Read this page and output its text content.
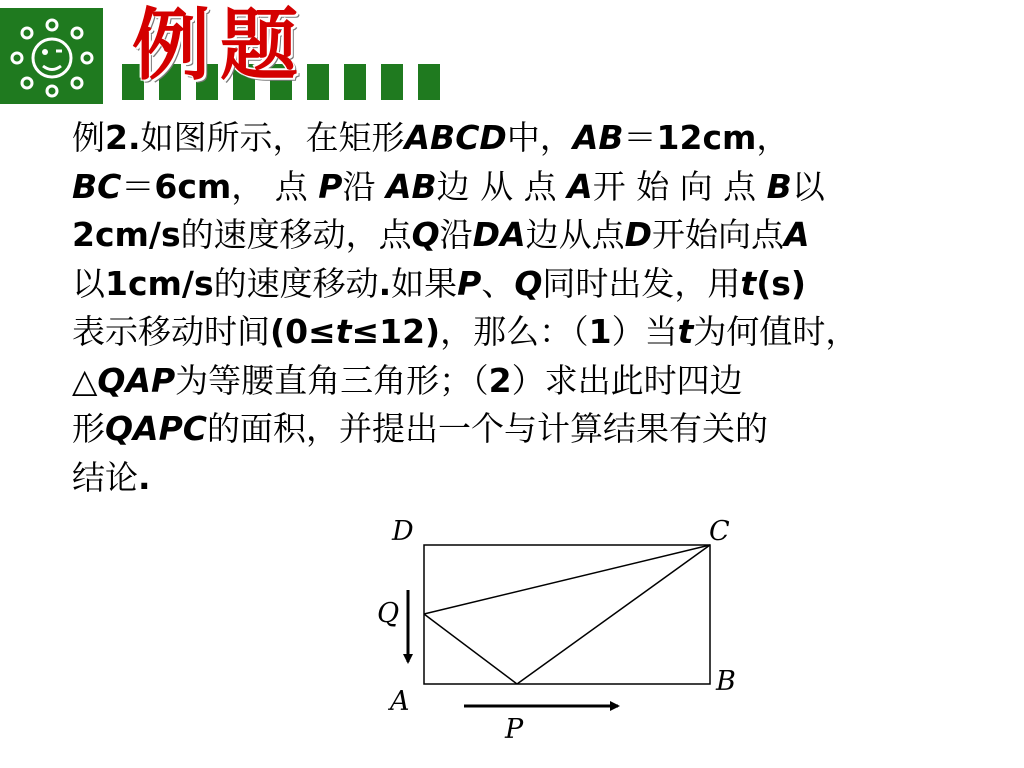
例题
例2.如图所示，在矩形ABCD中，AB＝12cm，
BC＝6cm， 点 P沿 AB边 从 点 A开 始 向 点 B以
2cm/s的速度移动，点Q沿DA边从点D开始向点A
以1cm/s的速度移动.如果P、Q同时出发，用t(s)
表示移动时间(0≤t≤12)，那么：（1）当t为何值时，
△QAP为等腰直角三角形；（2）求出此时四边
形QAPC的面积，并提出一个与计算结果有关的
结论.
D	C
Q
B
A
P
